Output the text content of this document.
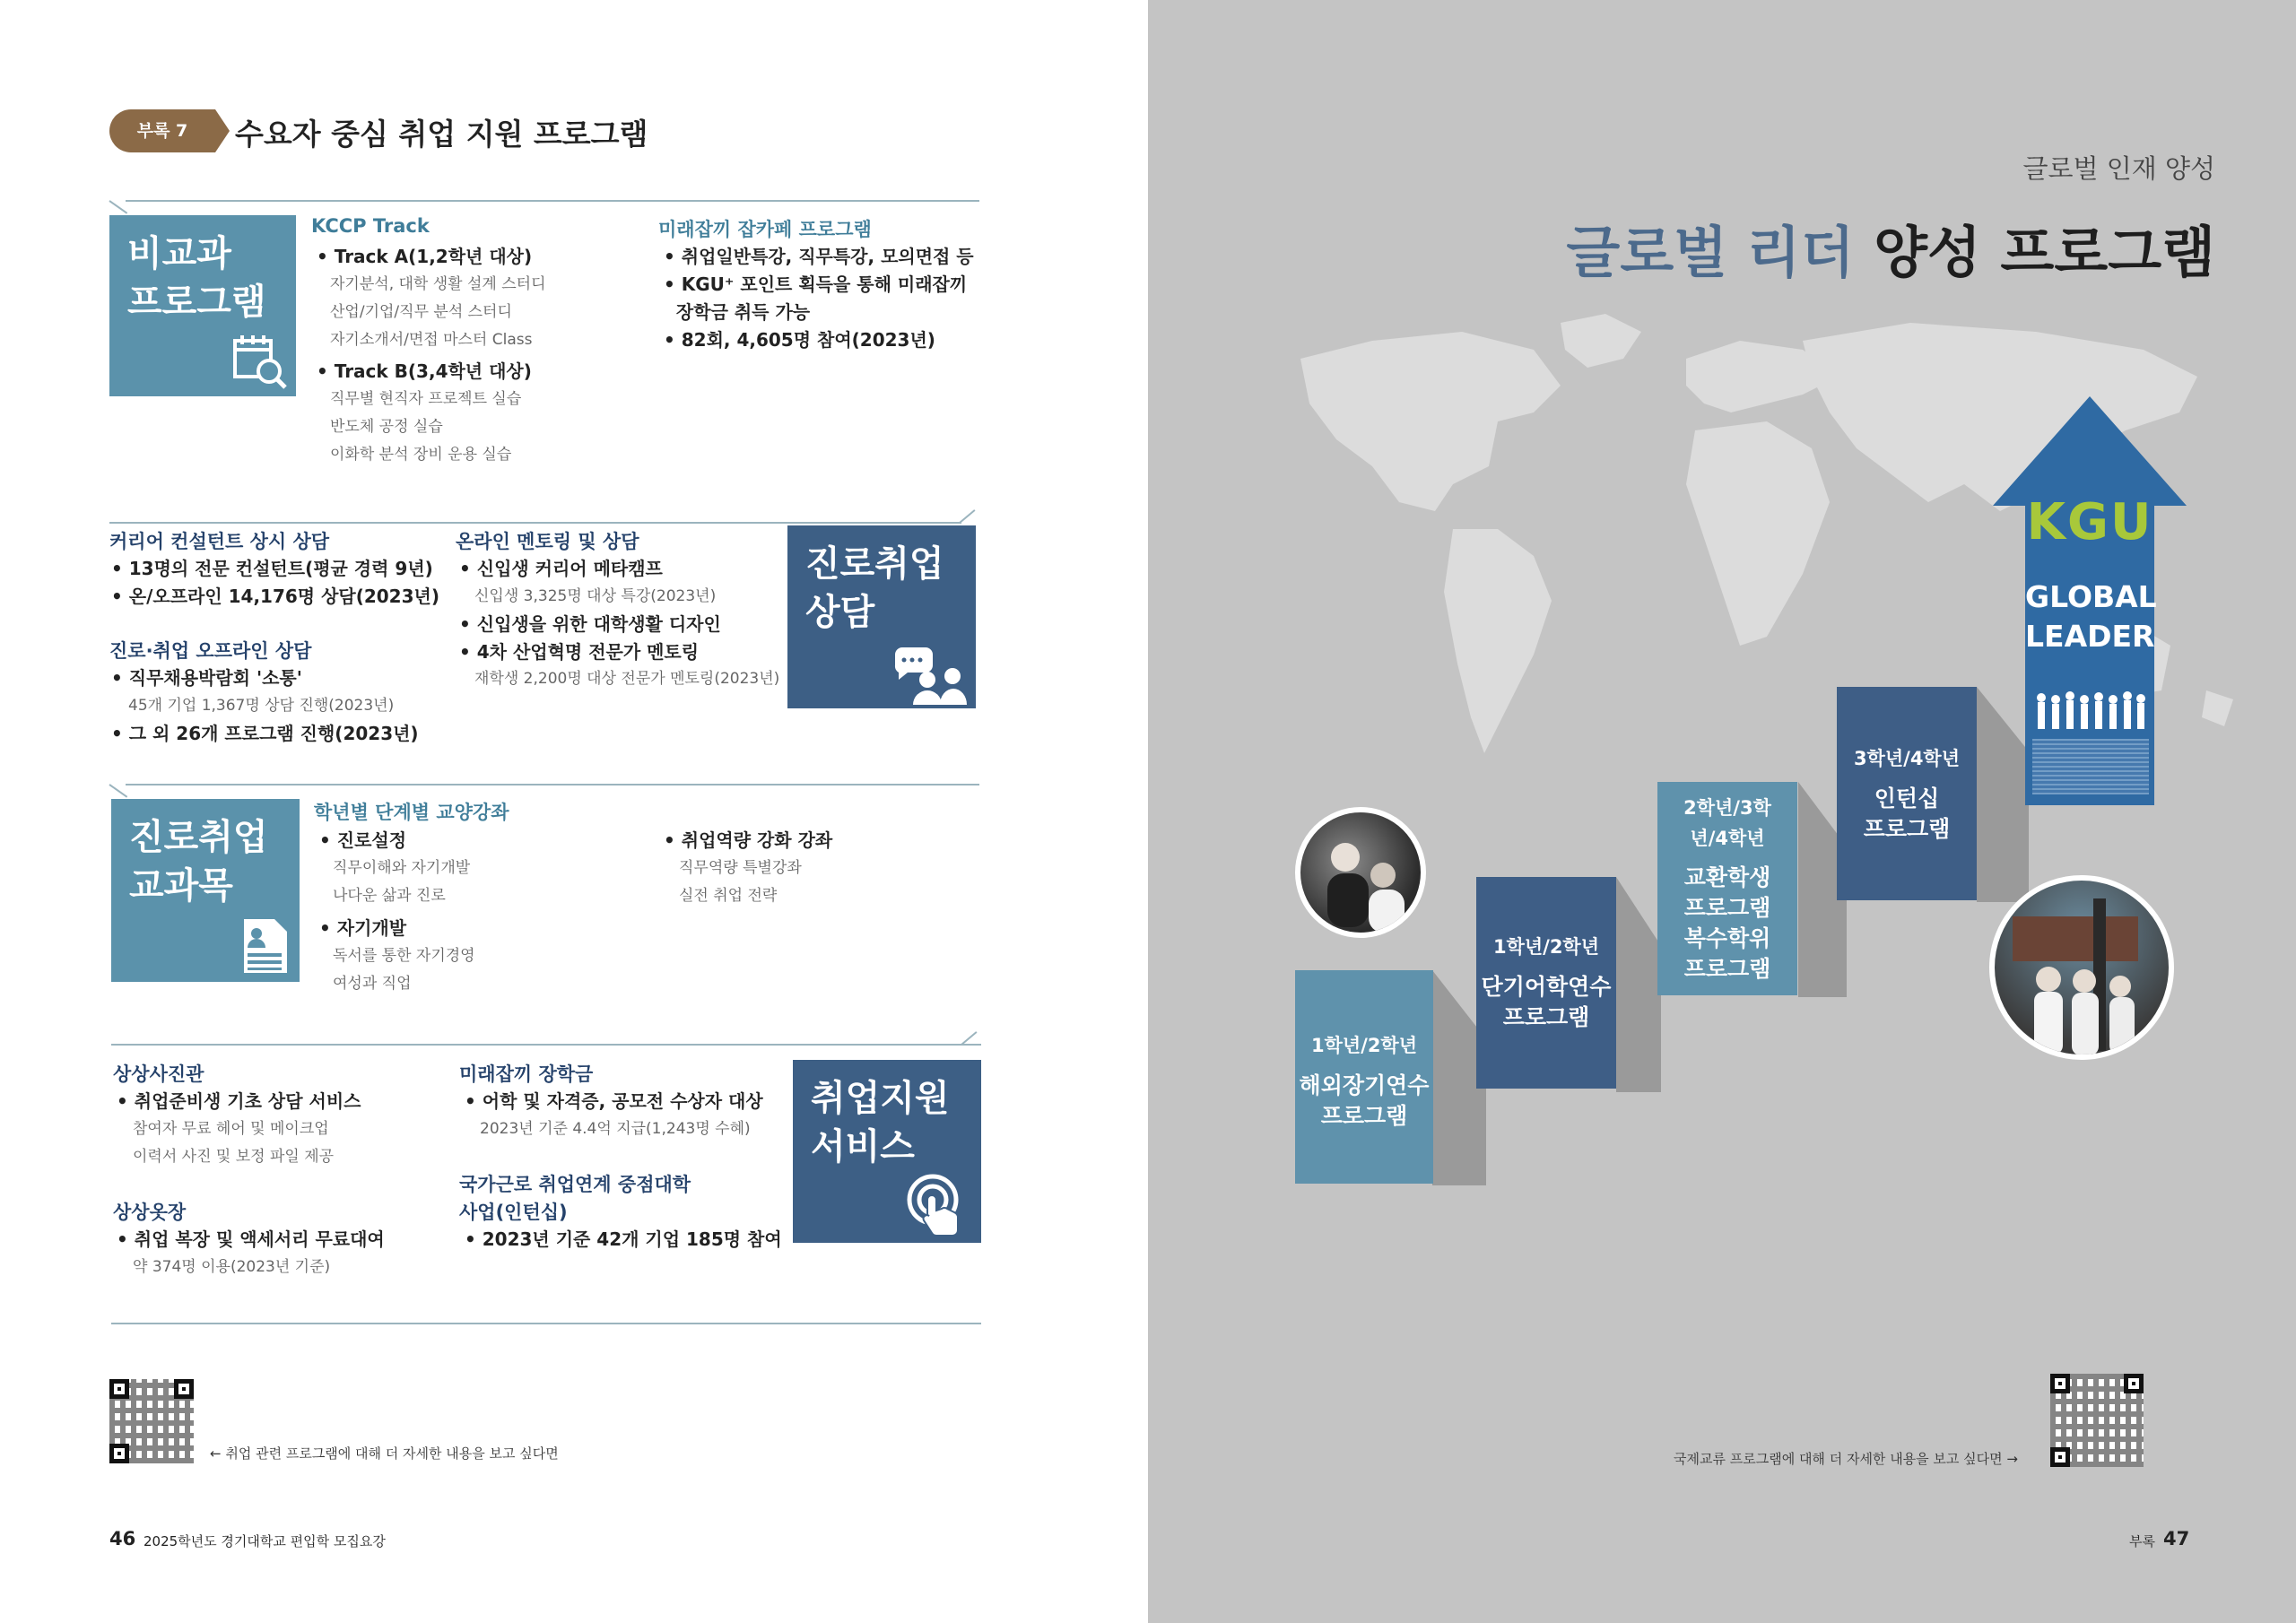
부록 7	수요자 중심 취업 지원 프로그램
비교과
프로그램
KCCP Track
• Track A(1,2학년 대상)
자기분석, 대학 생활 설계 스터디
산업/기업/직무 분석 스터디
자기소개서/면접 마스터 Class
• Track B(3,4학년 대상)
직무별 현직자 프로젝트 실습
반도체 공정 실습
이화학 분석 장비 운용 실습
미래잡끼 잡카페 프로그램
• 취업일반특강, 직무특강, 모의면접 등
• KGU⁺ 포인트 획득을 통해 미래잡끼
장학금 취득 가능
• 82회, 4,605명 참여(2023년)
커리어 컨설턴트 상시 상담
• 13명의 전문 컨설턴트(평균 경력 9년)
• 온/오프라인 14,176명 상담(2023년)
진로·취업 오프라인 상담
• 직무채용박람회 '소통'
45개 기업 1,367명 상담 진행(2023년)
• 그 외 26개 프로그램 진행(2023년)
온라인 멘토링 및 상담
• 신입생 커리어 메타캠프
신입생 3,325명 대상 특강(2023년)
• 신입생을 위한 대학생활 디자인
• 4차 산업혁명 전문가 멘토링
재학생 2,200명 대상 전문가 멘토링(2023년)
진로취업
상담
진로취업
교과목
학년별 단계별 교양강좌
• 진로설정
직무이해와 자기개발
나다운 삶과 진로
• 자기개발
독서를 통한 자기경영
여성과 직업
• 취업역량 강화 강좌
직무역량 특별강좌
실전 취업 전략
상상사진관
• 취업준비생 기초 상담 서비스
참여자 무료 헤어 및 메이크업
이력서 사진 및 보정 파일 제공
상상옷장
• 취업 복장 및 액세서리 무료대여
약 374명 이용(2023년 기준)
미래잡끼 장학금
• 어학 및 자격증, 공모전 수상자 대상
2023년 기준 4.4억 지급(1,243명 수혜)
국가근로 취업연계 중점대학
사업(인턴십)
• 2023년 기준 42개 기업 185명 참여
취업지원
서비스
← 취업 관련 프로그램에 대해 더 자세한 내용을 보고 싶다면
46 2025학년도 경기대학교 편입학 모집요강
글로벌 인재 양성
글로벌 리더 양성 프로그램
1학년/2학년
해외장기연수
프로그램
1학년/2학년
단기어학연수
프로그램
2학년/3학년/4학년
교환학생
프로그램
복수학위
프로그램
3학년/4학년
인턴십
프로그램
KGU
GLOBAL
LEADER
국제교류 프로그램에 대해 더 자세한 내용을 보고 싶다면 →
부록 47
